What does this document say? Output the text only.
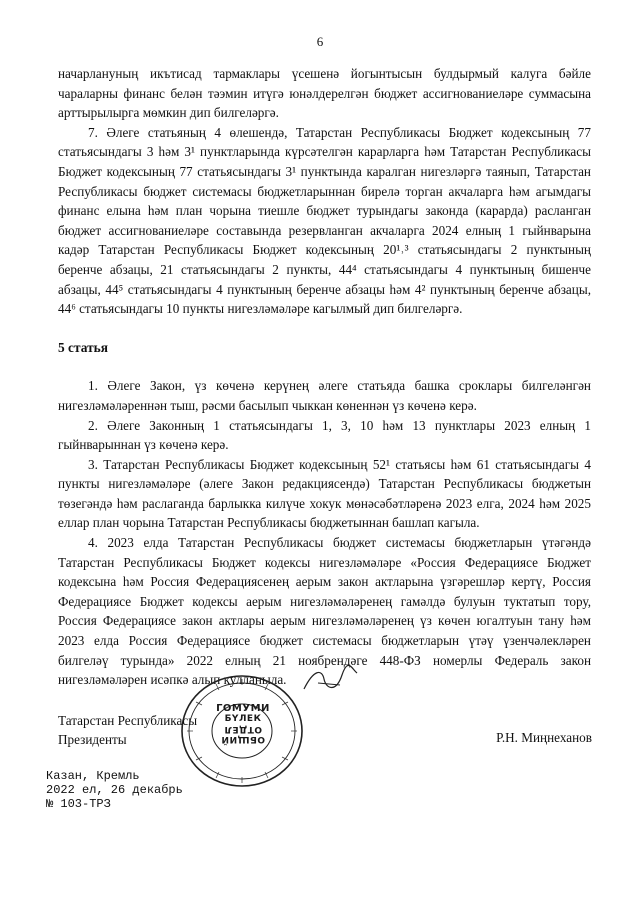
6

начарлануның икътисад тармаклары үсешенә йогынтысын булдырмый калуга бәйле чараларны финанс белән тәэмин итүгә юнәлдерелгән бюджет ассигнованиеләре суммасына арттырылырга мөмкин дип билгеләргә.

7. Әлеге статьяның 4 өлешендә, Татарстан Республикасы Бюджет кодексының 77 статьясындагы 3 һәм 3¹ пунктларында күрсәтелгән карарларга һәм Татарстан Республикасы Бюджет кодексының 77 статьясындагы 3¹ пунктында каралган нигезләргә таянып, Татарстан Республикасы бюджет системасы бюджетларыннан бирелә торган акчаларга һәм агымдагы финанс елына һәм план чорына тиешле бюджет турындагы законда (карарда) расланган бюджет ассигнованиеләре составында резервланган акчаларга 2024 елның 1 гыйнварына кадәр Татарстан Республикасы Бюджет кодексының 20¹˒³ статьясындагы 2 пунктының беренче абзацы, 21 статьясындагы 2 пункты, 44⁴ статьясындагы 4 пунктының бишенче абзацы, 44⁵ статьясындагы 4 пунктының беренче абзацы һәм 4² пунктының беренче абзацы, 44⁶ статьясындагы 10 пункты нигезләмәләре кагылмый дип билгеләргә.

5 статья

1. Әлеге Закон, үз көченә керүнең әлеге статьяда башка сроклары билгеләнгән нигезләмәләреннән тыш, рәсми басылып чыккан көненнән үз көченә керә.

2. Әлеге Законның 1 статьясындагы 1, 3, 10 һәм 13 пунктлары 2023 елның 1 гыйнварыннан үз көченә керә.

3. Татарстан Республикасы Бюджет кодексының 52¹ статьясы һәм 61 статьясындагы 4 пункты нигезләмәләре (әлеге Закон редакциясендә) Татарстан Республикасы бюджетын төзегәндә һәм раслаганда барлыкка килүче хокук мөнәсәбәтләренә 2023 елга, 2024 һәм 2025 еллар план чорына Татарстан Республикасы бюджетыннан башлап кагыла.

4. 2023 елда Татарстан Республикасы бюджет системасы бюджетларын үтәгәндә Татарстан Республикасы Бюджет кодексы нигезләмәләре «Россия Федерациясе Бюджет кодексына һәм Россия Федерациясенең аерым закон актларына үзгәрешләр кертү, Россия Федерациясе Бюджет кодексы аерым нигезләмәләренең гамәлдә булуын туктатып тору, Россия Федерациясе закон актлары аерым нигезләмәләренең үз көчен югалтуын тану һәм 2023 елда Россия Федерациясе бюджет системасы бюджетларын үтәү үзенчәлекләрен билгеләү турында» 2022 елның 21 ноябрендәге 448-ФЗ номерлы Федераль закон нигезләмәләрен исәпкә алып кулланыла.

ГОМУМИ
БҮЛЕК
ОТДЕЛ
ОБЩИЙ
Татарстан Республикасы
Президенты	Р.Н. Миңнеханов
Казан, Кремль
2022 ел, 26 декабрь
№ 103-ТРЗ
